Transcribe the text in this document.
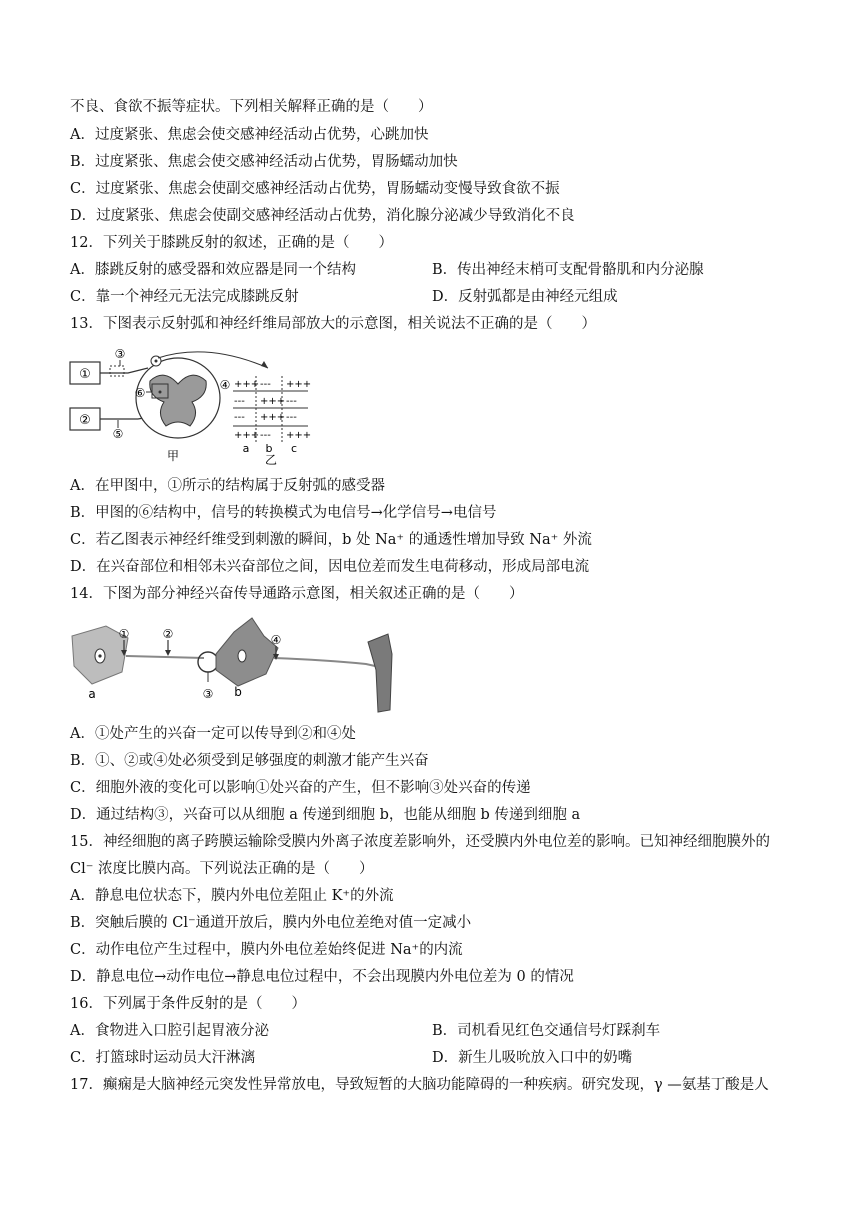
不良、食欲不振等症状。下列相关解释正确的是（　　）
A．过度紧张、焦虑会使交感神经活动占优势，心跳加快
B．过度紧张、焦虑会使交感神经活动占优势，胃肠蠕动加快
C．过度紧张、焦虑会使副交感神经活动占优势，胃肠蠕动变慢导致食欲不振
D．过度紧张、焦虑会使副交感神经活动占优势，消化腺分泌减少导致消化不良
12．下列关于膝跳反射的叙述，正确的是（　　）
A．膝跳反射的感受器和效应器是同一个结构	B．传出神经末梢可支配骨骼肌和内分泌腺
C．靠一个神经元无法完成膝跳反射	D．反射弧都是由神经元组成
13．下图表示反射弧和神经纤维局部放大的示意图，相关说法不正确的是（　　）
①
②
③
⑥
⑤
④
甲
+++ --- +++
--- +++ ---
--- +++ ---
+++ --- +++
a b c
乙
A．在甲图中，①所示的结构属于反射弧的感受器
B．甲图的⑥结构中，信号的转换模式为电信号→化学信号→电信号
C．若乙图表示神经纤维受到刺激的瞬间，b 处 Na⁺ 的通透性增加导致 Na⁺ 外流
D．在兴奋部位和相邻未兴奋部位之间，因电位差而发生电荷移动，形成局部电流
14．下图为部分神经兴奋传导通路示意图，相关叙述正确的是（　　）
a	③ b
①	②	④
A．①处产生的兴奋一定可以传导到②和④处
B．①、②或④处必须受到足够强度的刺激才能产生兴奋
C．细胞外液的变化可以影响①处兴奋的产生，但不影响③处兴奋的传递
D．通过结构③，兴奋可以从细胞 a 传递到细胞 b，也能从细胞 b 传递到细胞 a
15．神经细胞的离子跨膜运输除受膜内外离子浓度差影响外，还受膜内外电位差的影响。已知神经细胞膜外的
Cl⁻ 浓度比膜内高。下列说法正确的是（　　）
A．静息电位状态下，膜内外电位差阻止 K⁺的外流
B．突触后膜的 Cl⁻通道开放后，膜内外电位差绝对值一定减小
C．动作电位产生过程中，膜内外电位差始终促进 Na⁺的内流
D．静息电位→动作电位→静息电位过程中，不会出现膜内外电位差为 0 的情况
16．下列属于条件反射的是（　　）
A．食物进入口腔引起胃液分泌	B．司机看见红色交通信号灯踩刹车
C．打篮球时运动员大汗淋漓	D．新生儿吸吮放入口中的奶嘴
17．癫痫是大脑神经元突发性异常放电，导致短暂的大脑功能障碍的一种疾病。研究发现，γ —氨基丁酸是人
